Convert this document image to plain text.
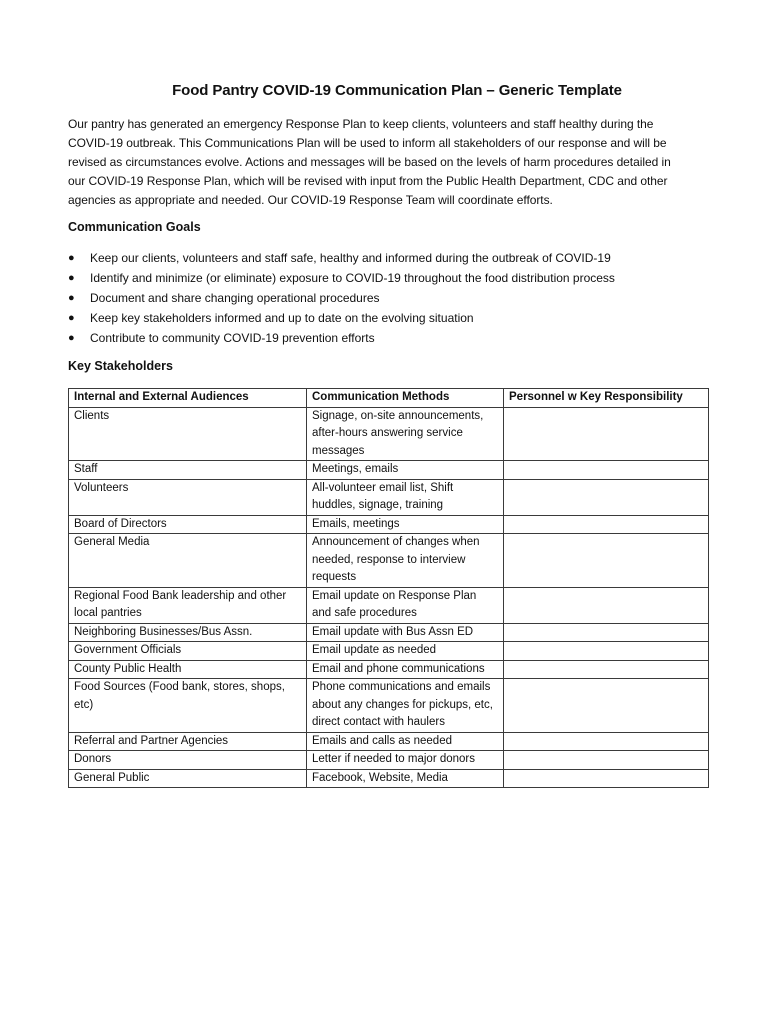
Food Pantry COVID-19 Communication Plan – Generic Template
Our pantry has generated an emergency Response Plan to keep clients, volunteers and staff healthy during the
COVID-19 outbreak. This Communications Plan will be used to inform all stakeholders of our response and will be
revised as circumstances evolve. Actions and messages will be based on the levels of harm procedures detailed in
our COVID-19 Response Plan, which will be revised with input from the Public Health Department, CDC and other
agencies as appropriate and needed. Our COVID-19 Response Team will coordinate efforts.
Communication Goals
● Keep our clients, volunteers and staff safe, healthy and informed during the outbreak of COVID-19
● Identify and minimize (or eliminate) exposure to COVID-19 throughout the food distribution process
● Document and share changing operational procedures
● Keep key stakeholders informed and up to date on the evolving situation
● Contribute to community COVID-19 prevention efforts
Key Stakeholders
Internal and External Audiences	Communication Methods	Personnel w Key Responsibility
Clients	Signage, on-site announcements, after-hours answering service messages	
Staff	Meetings, emails	
Volunteers	All-volunteer email list, Shift huddles, signage, training	
Board of Directors	Emails, meetings	
General Media	Announcement of changes when needed, response to interview requests	
Regional Food Bank leadership and other local pantries	Email update on Response Plan and safe procedures	
Neighboring Businesses/Bus Assn.	Email update with Bus Assn ED	
Government Officials	Email update as needed	
County Public Health	Email and phone communications	
Food Sources (Food bank, stores, shops, etc)	Phone communications and emails about any changes for pickups, etc, direct contact with haulers	
Referral and Partner Agencies	Emails and calls as needed	
Donors	Letter if needed to major donors	
General Public	Facebook, Website, Media	
